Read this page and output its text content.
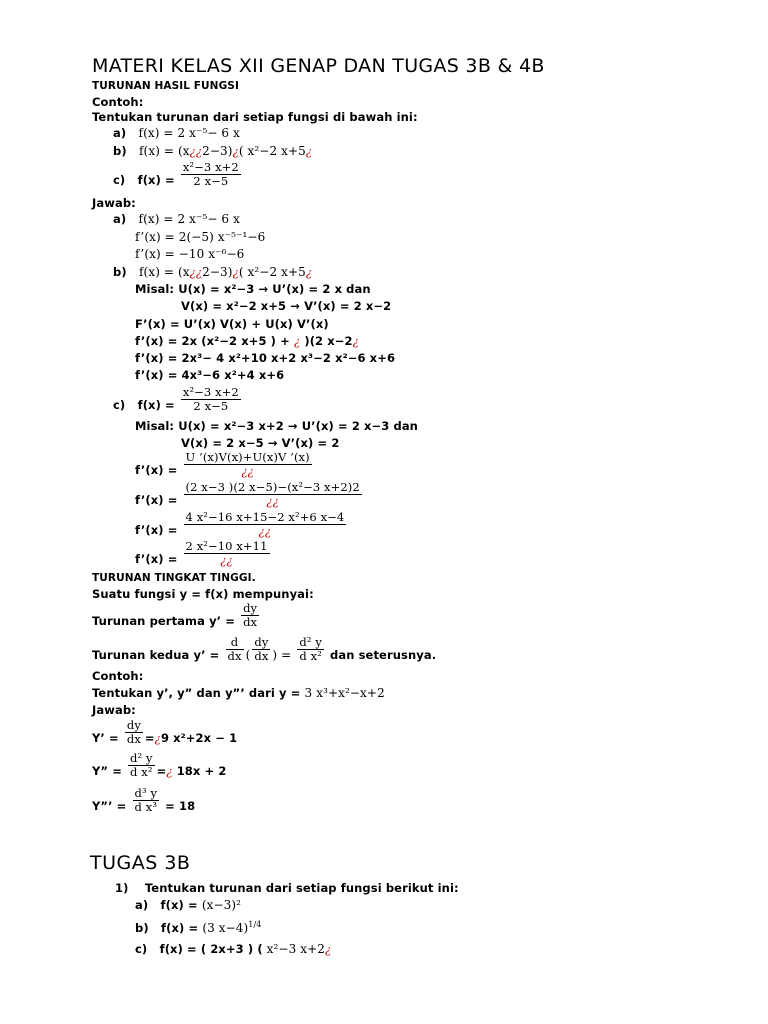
MATERI KELAS XII GENAP DAN TUGAS 3B & 4B
TURUNAN HASIL FUNGSI
Contoh:
Tentukan turunan dari setiap fungsi di bawah ini:
a) f(x) = 2 x⁻⁵− 6 x
b) f(x) = (x¿¿2−3)¿( x²−2 x+5¿
c) $f(x) = \frac{\text{x²−3 x+2}}{2 x-5}$
Jawab:
a) f(x) = 2 x⁻⁵− 6 x
f’(x) = 2(−5) x⁻⁵⁻¹−6
f’(x) = −10 x⁻⁶−6
b) f(x) = (x¿¿2−3)¿( x²−2 x+5¿
Misal: U(x) = x²−3 → U’(x) = 2 x dan
V(x) = x²−2 x+5 → V’(x) = 2 x−2
F’(x) = U’(x) V(x) + U(x) V’(x)
f’(x) = 2x (x²−2 x+5 ) + ¿ )(2 x−2¿
f’(x) = 2x³− 4 x²+10 x+2 x³−2 x²−6 x+6
f’(x) = 4x³−6 x²+4 x+6
c) $f(x) = \frac{\text{x²−3 x+2}}{2 x-5}$
Misal: U(x) = x²−3 x+2 → U’(x) = 2 x−3 dan
V(x) = 2 x−5 → V’(x) = 2
f’(x) = $\frac{U ’(x)V(x)+U(x)V ’(x)}{¿¿}$
f’(x) = $\frac{\text{(2 x−3 )(2 x−5)−(x²−3 x+2)2}}{¿¿}$
f’(x) = $\frac{\text{4 x²−16 x+15−2 x²+6 x−4}}{¿¿}$
f’(x) = $\frac{\text{2 x²−10 x+11}}{¿¿}$
TURUNAN TINGKAT TINGGI.
Suatu fungsi y = f(x) mempunyai:
Turunan pertama y’ = $\frac{dy}{dx}$
Turunan kedua y’ = $\frac{d}{dx}$ ( $\frac{dy}{dx}$ ) = $\frac{\text{d² y}}{\text{d x²}}$ dan seterusnya.
Contoh:
Tentukan y’, y” dan y”’ dari y = 3 x³+x²−x+2
Jawab:
Y’ = $\frac{dy}{dx}$ =¿9 x²+2x − 1
Y” = $\frac{\text{d² y}}{\text{d x²}}$ =¿ 18x + 2
Y”’ = $\frac{\text{d³ y}}{\text{d x³}} = 18$
TUGAS 3B
1) Tentukan turunan dari setiap fungsi berikut ini:
a) f(x) = (x−3)²
b) f(x) = (3 x−4)$^{1/4}$
c) f(x) = ( 2x+3 ) ( x²−3 x+2¿
